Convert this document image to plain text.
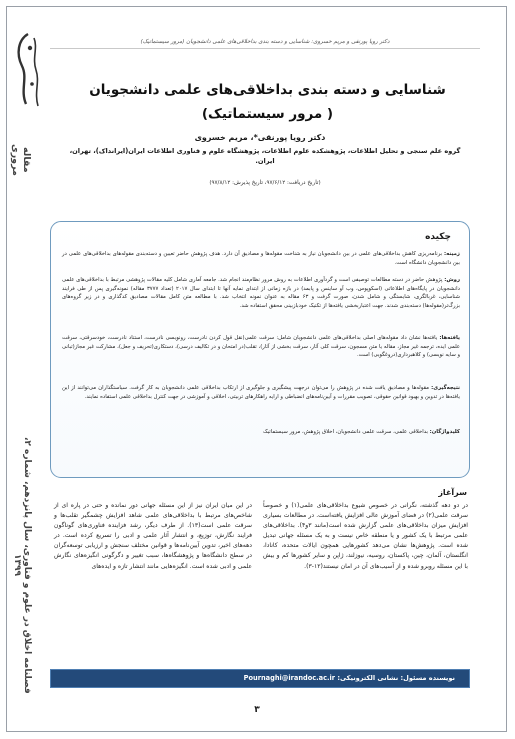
دکتر رویا پورنقی و مریم خسروی: شناسایی و دسته بندی بداخلاقی‌های علمی دانشجویان (مرور سیستماتیک)
مقاله مروری
فصلنامه اخلاق در علوم و فناوری، سال پانزدهم، شماره ۲، ۱۳۹۹
شناسایی و دسته بندی بداخلاقی‌های علمی دانشجویان
( مرور سیستماتیک)
دکتر رویا پورنقی*، مریم خسروی
گروه علم سنجی و تحلیل اطلاعات، پژوهشکده علوم اطلاعات، پژوهشگاه علوم و فناوری اطلاعات ایران(ایرانداک)، تهران،
ایران.
(تاریخ دریافت: ۹۷/۶/۱۲، تاریخ پذیرش: ۹۷/۸/۱۲)
چکیده
زمینه: برنامه‌ریزی کاهش بداخلاقی‌های علمی در بین دانشجویان نیاز به شناخت مقوله‌ها و مصادیق آن دارد. هدف پژوهش حاضر تعیین و دسته‌بندی مقوله‌های بداخلاقی‌های علمی در بین دانشجویان دانشگاه است.
روش: پژوهش حاضر در دسته مطالعات توصیفی است و گردآوری اطلاعات به روش مرور نظام‌مند انجام شد. جامعه آماری شامل کلیه مقالات پژوهشی مرتبط با بداخلاقی‌های علمی دانشجویان در پایگاه‌های اطلاعاتی (اسکوپوس، وب آو ساینس و پابمد) در بازه زمانی از ابتدای نمایه آنها تا ابتدای سال ۲۰۱۷ (تعداد ۳۷۷۷ مقاله) نمونه‌گیری پس از طی فرایند شناسایی، غربالگری، شایستگی و شامل شدن، صورت گرفت و ۶۳ مقاله به عنوان نمونه انتخاب شد. با مطالعه متن کامل مقالات مصادیق کدگذاری و در زیر گروه‌های بزرگ‌تر(مقوله‌ها) دسته‌بندی شدند. جهت اعتباربخشی یافته‌ها از تکنیک خودبازبینی محقق استفاده شد.
یافته‌ها: یافته‌ها نشان داد مقوله‌های اصلی بداخلاقی‌های علمی دانشجویان شامل: سرقت علمی(نقل قول کردن نادرست، رونویسی نادرست، استناد نادرست، خودسرقتی، سرقت علمی ایده، ترجمه غیر مجاز، مقاله یا متن مسجون، سرقت کلی آثار، سرقت بخشی از آثار)، تقلب(در امتحان و در تکالیف درسی)، دستکاری(تحریف و جعل)، مشارکت غیر مجاز(تبانی و سایه نویسی) و کلاهبرداری(دروغگویی) است.
نتیجه‌گیری: مقوله‌ها و مصادیق یافت شده در پژوهش را می‌توان درجهت پیشگیری و جلوگیری از ارتکاب بداخلاقی علمی دانشجویان به کار گرفت. سیاستگذاران می‌توانند از این یافته‌ها در تدوین و بهبود قوانین حقوقی، تصویب مقررات و آیین‌نامه‌های انضباطی و ارایه راهکارهای تربیتی، اخلاقی و آموزشی در جهت کنترل بداخلاقی علمی استفاده نمایند.
کلیدواژگان: بداخلاقی علمی، سرقت علمی دانشجویان، اخلاق پژوهش، مرور سیستماتیک
سرآغاز
در دو دهه گذشته، نگرانی در خصوص شیوع بداخلاقی‌های علمی(۱) و خصوصاً سرقت علمی(۲) در فضای آموزش عالی افزایش یافته‌است. در مطالعات بسیاری افزایش میزان بداخلاقی‌های علمی گزارش شده است(مانند ۳و۴). بداخلاقی‌های علمی مرتبط با یک کشور و یا منطقه خاص نیست و به یک مسئله جهانی تبدیل شده است. پژوهش‌ها نشان می‌دهد کشورهایی همچون ایالات متحده، کانادا، انگلستان، آلمان، چین، پاکستان، روسیه، نیوزلند، ژاپن و سایر کشورها کم و بیش با این مسئله روبرو شده و از آسیب‌های آن در امان نیستند(۱۲-۳).
در این میان ایران نیز از این مسئله جهانی دور نمانده و حتی در پاره ای از شاخص‌های مرتبط با بداخلاقی‌های علمی شاهد افزایش چشمگیر تقلب‌ها و سرقت علمی است(۱۳). از طرف دیگر، رشد فزاینده فناوری‌های گوناگون فرایند نگارش، توزیع، و انتشار آثار علمی و ادبی را تسریع کرده است. در دهه‌های اخیر، تدوین آیین‌نامه‌ها و قوانین مختلف سنجش و ارزیابی توسعه‌گران در سطح دانشگاه‌ها و پژوهشگاه‌ها، سبب تغییر و دگرگونی انگیزه‌های نگارش علمی و ادبی شده است. انگیزه‌هایی مانند انتشار تازه و ایده‌های
نویسنده مسئول: نشانی الکترونیکی: Pournaghi@irandoc.ac.ir
۳
